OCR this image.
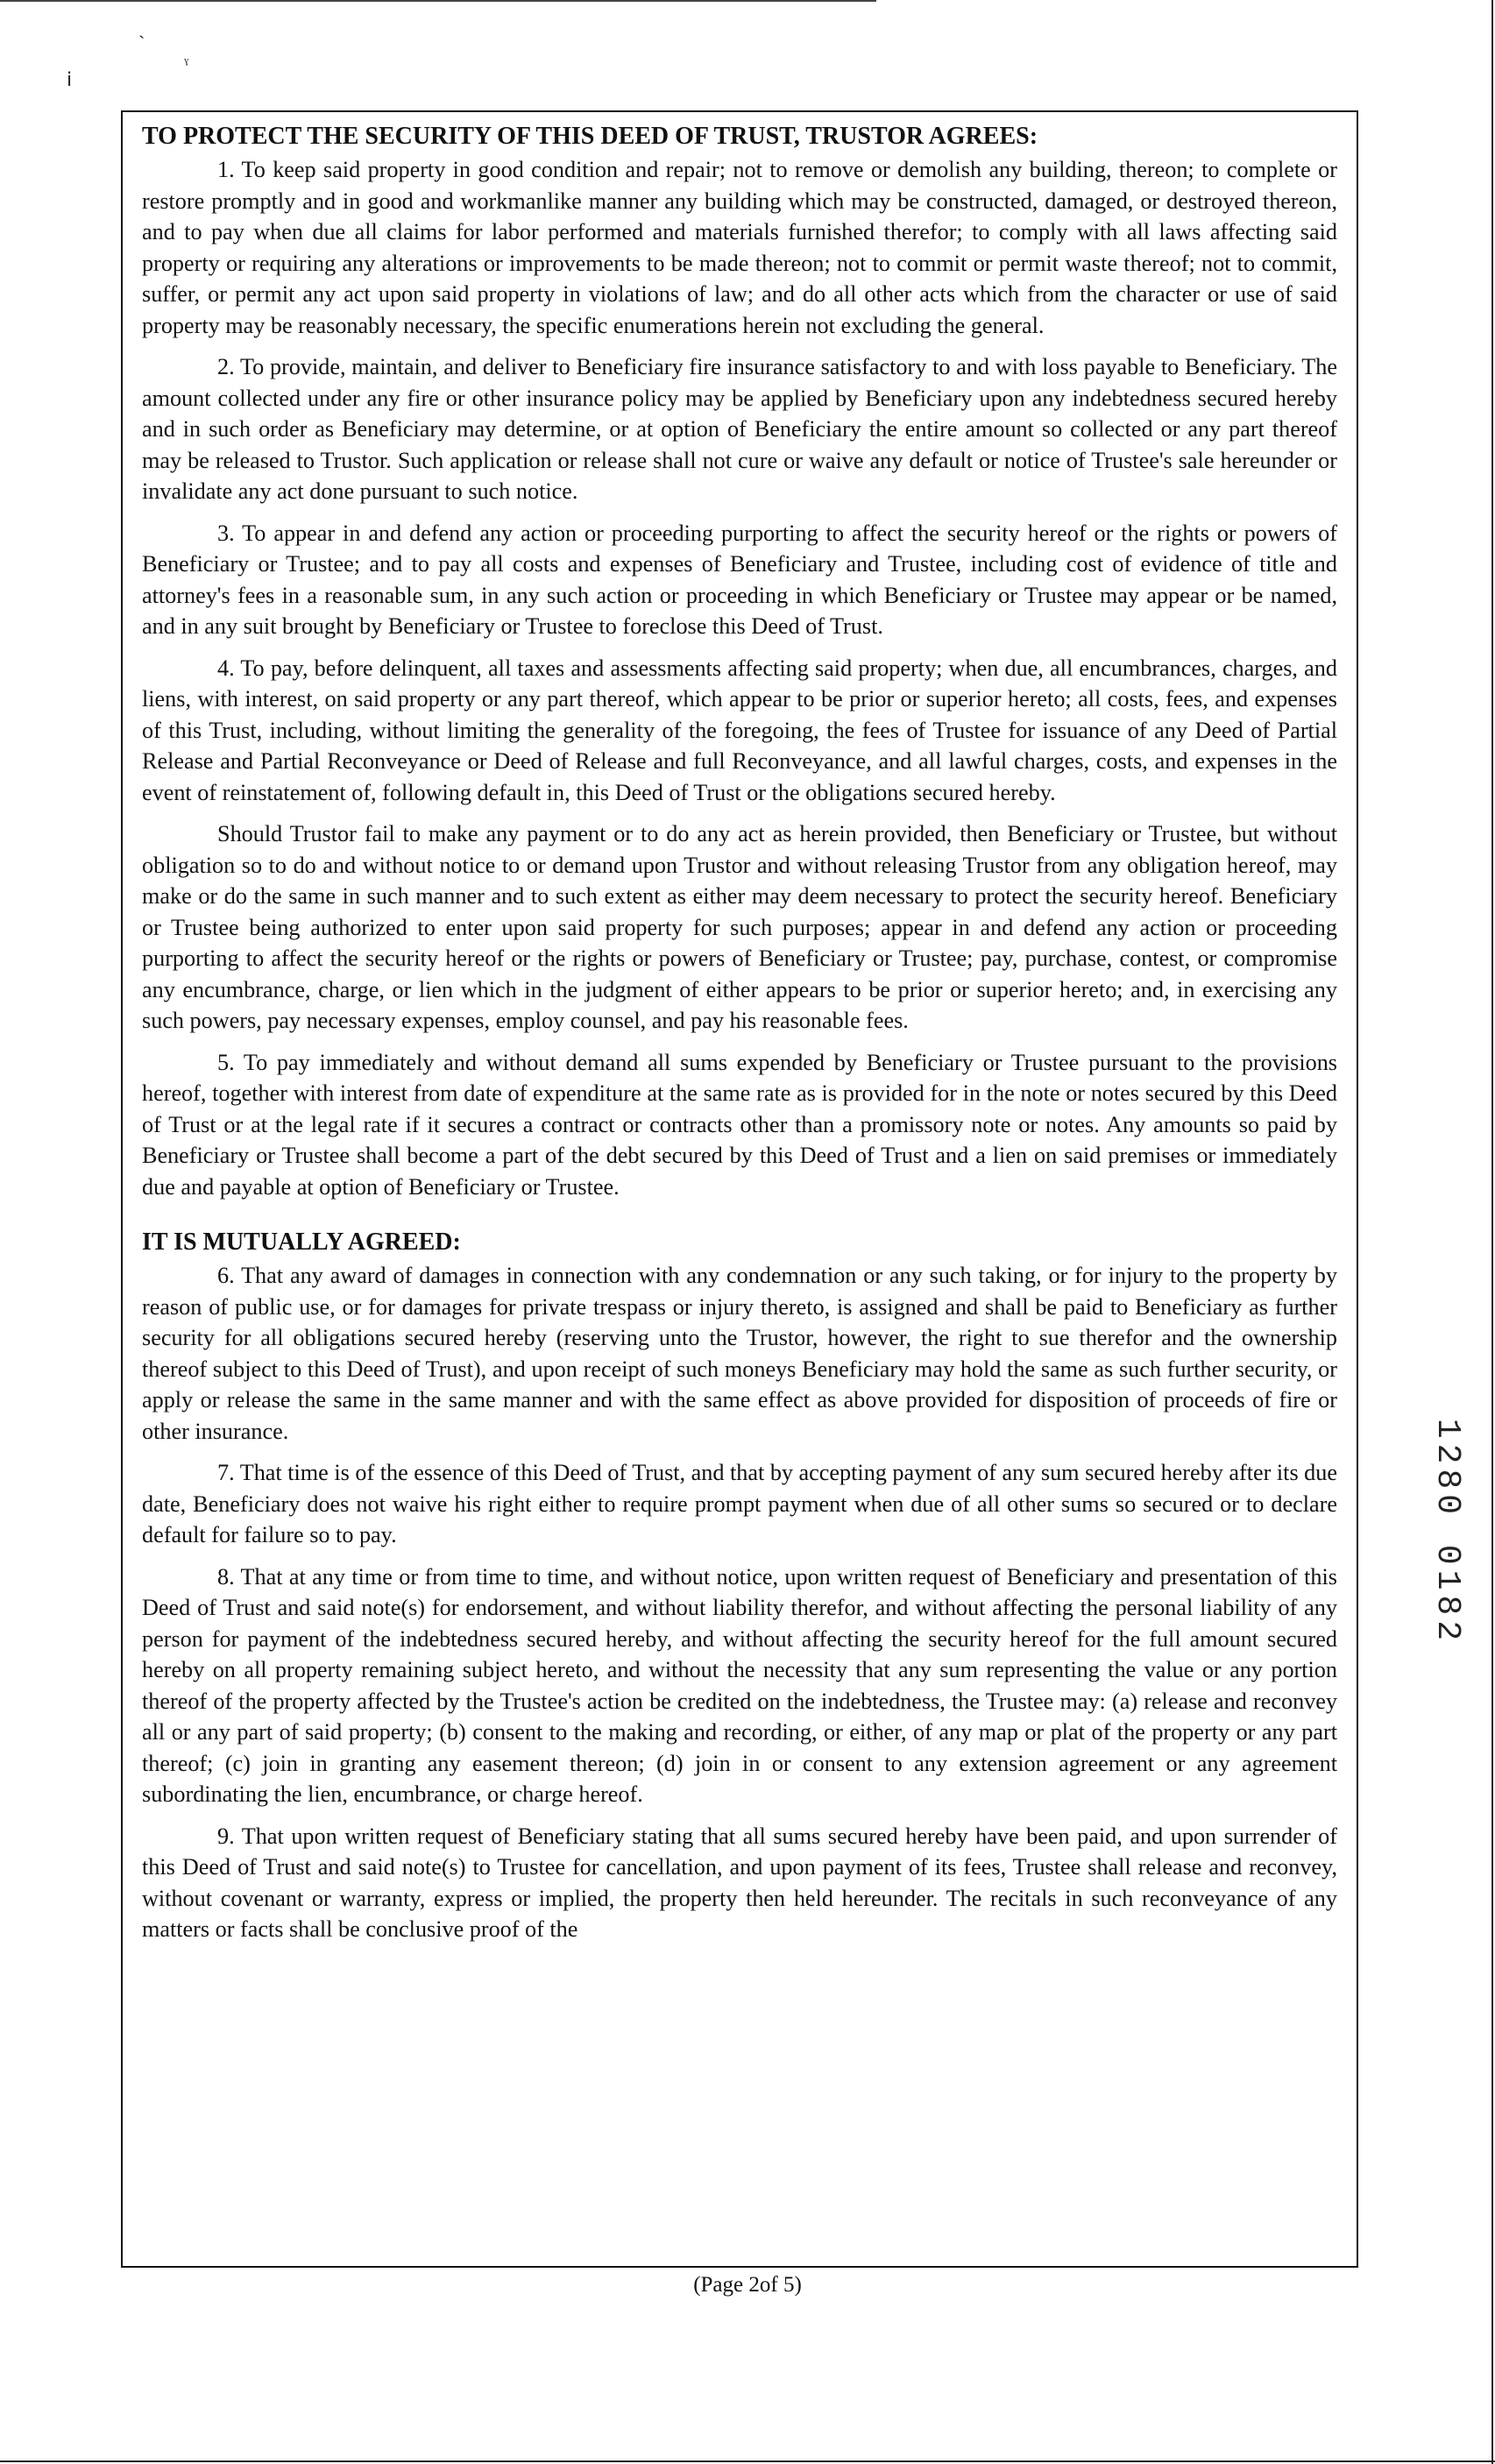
ˋ
ˠ
ⅰ
TO PROTECT THE SECURITY OF THIS DEED OF TRUST, TRUSTOR AGREES:

1. To keep said property in good condition and repair; not to remove or demolish any building, thereon; to complete or restore promptly and in good and workmanlike manner any building which may be constructed, damaged, or destroyed thereon, and to pay when due all claims for labor performed and materials furnished therefor; to comply with all laws affecting said property or requiring any alterations or improvements to be made thereon; not to commit or permit waste thereof; not to commit, suffer, or permit any act upon said property in violations of law; and do all other acts which from the character or use of said property may be reasonably necessary, the specific enumerations herein not excluding the general.

2. To provide, maintain, and deliver to Beneficiary fire insurance satisfactory to and with loss payable to Beneficiary. The amount collected under any fire or other insurance policy may be applied by Beneficiary upon any indebtedness secured hereby and in such order as Beneficiary may determine, or at option of Beneficiary the entire amount so collected or any part thereof may be released to Trustor. Such application or release shall not cure or waive any default or notice of Trustee's sale hereunder or invalidate any act done pursuant to such notice.

3. To appear in and defend any action or proceeding purporting to affect the security hereof or the rights or powers of Beneficiary or Trustee; and to pay all costs and expenses of Beneficiary and Trustee, including cost of evidence of title and attorney's fees in a reasonable sum, in any such action or proceeding in which Beneficiary or Trustee may appear or be named, and in any suit brought by Beneficiary or Trustee to foreclose this Deed of Trust.

4. To pay, before delinquent, all taxes and assessments affecting said property; when due, all encumbrances, charges, and liens, with interest, on said property or any part thereof, which appear to be prior or superior hereto; all costs, fees, and expenses of this Trust, including, without limiting the generality of the foregoing, the fees of Trustee for issuance of any Deed of Partial Release and Partial Reconveyance or Deed of Release and full Reconveyance, and all lawful charges, costs, and expenses in the event of reinstatement of, following default in, this Deed of Trust or the obligations secured hereby.

Should Trustor fail to make any payment or to do any act as herein provided, then Beneficiary or Trustee, but without obligation so to do and without notice to or demand upon Trustor and without releasing Trustor from any obligation hereof, may make or do the same in such manner and to such extent as either may deem necessary to protect the security hereof. Beneficiary or Trustee being authorized to enter upon said property for such purposes; appear in and defend any action or proceeding purporting to affect the security hereof or the rights or powers of Beneficiary or Trustee; pay, purchase, contest, or compromise any encumbrance, charge, or lien which in the judgment of either appears to be prior or superior hereto; and, in exercising any such powers, pay necessary expenses, employ counsel, and pay his reasonable fees.

5. To pay immediately and without demand all sums expended by Beneficiary or Trustee pursuant to the provisions hereof, together with interest from date of expenditure at the same rate as is provided for in the note or notes secured by this Deed of Trust or at the legal rate if it secures a contract or contracts other than a promissory note or notes. Any amounts so paid by Beneficiary or Trustee shall become a part of the debt secured by this Deed of Trust and a lien on said premises or immediately due and payable at option of Beneficiary or Trustee.

IT IS MUTUALLY AGREED:

6. That any award of damages in connection with any condemnation or any such taking, or for injury to the property by reason of public use, or for damages for private trespass or injury thereto, is assigned and shall be paid to Beneficiary as further security for all obligations secured hereby (reserving unto the Trustor, however, the right to sue therefor and the ownership thereof subject to this Deed of Trust), and upon receipt of such moneys Beneficiary may hold the same as such further security, or apply or release the same in the same manner and with the same effect as above provided for disposition of proceeds of fire or other insurance.

7. That time is of the essence of this Deed of Trust, and that by accepting payment of any sum secured hereby after its due date, Beneficiary does not waive his right either to require prompt payment when due of all other sums so secured or to declare default for failure so to pay.

8. That at any time or from time to time, and without notice, upon written request of Beneficiary and presentation of this Deed of Trust and said note(s) for endorsement, and without liability therefor, and without affecting the personal liability of any person for payment of the indebtedness secured hereby, and without affecting the security hereof for the full amount secured hereby on all property remaining subject hereto, and without the necessity that any sum representing the value or any portion thereof of the property affected by the Trustee's action be credited on the indebtedness, the Trustee may: (a) release and reconvey all or any part of said property; (b) consent to the making and recording, or either, of any map or plat of the property or any part thereof; (c) join in granting any easement thereon; (d) join in or consent to any extension agreement or any agreement subordinating the lien, encumbrance, or charge hereof.

9. That upon written request of Beneficiary stating that all sums secured hereby have been paid, and upon surrender of this Deed of Trust and said note(s) to Trustee for cancellation, and upon payment of its fees, Trustee shall release and reconvey, without covenant or warranty, express or implied, the property then held hereunder. The recitals in such reconveyance of any matters or facts shall be conclusive proof of the

1280 0182
(Page 2of 5)
